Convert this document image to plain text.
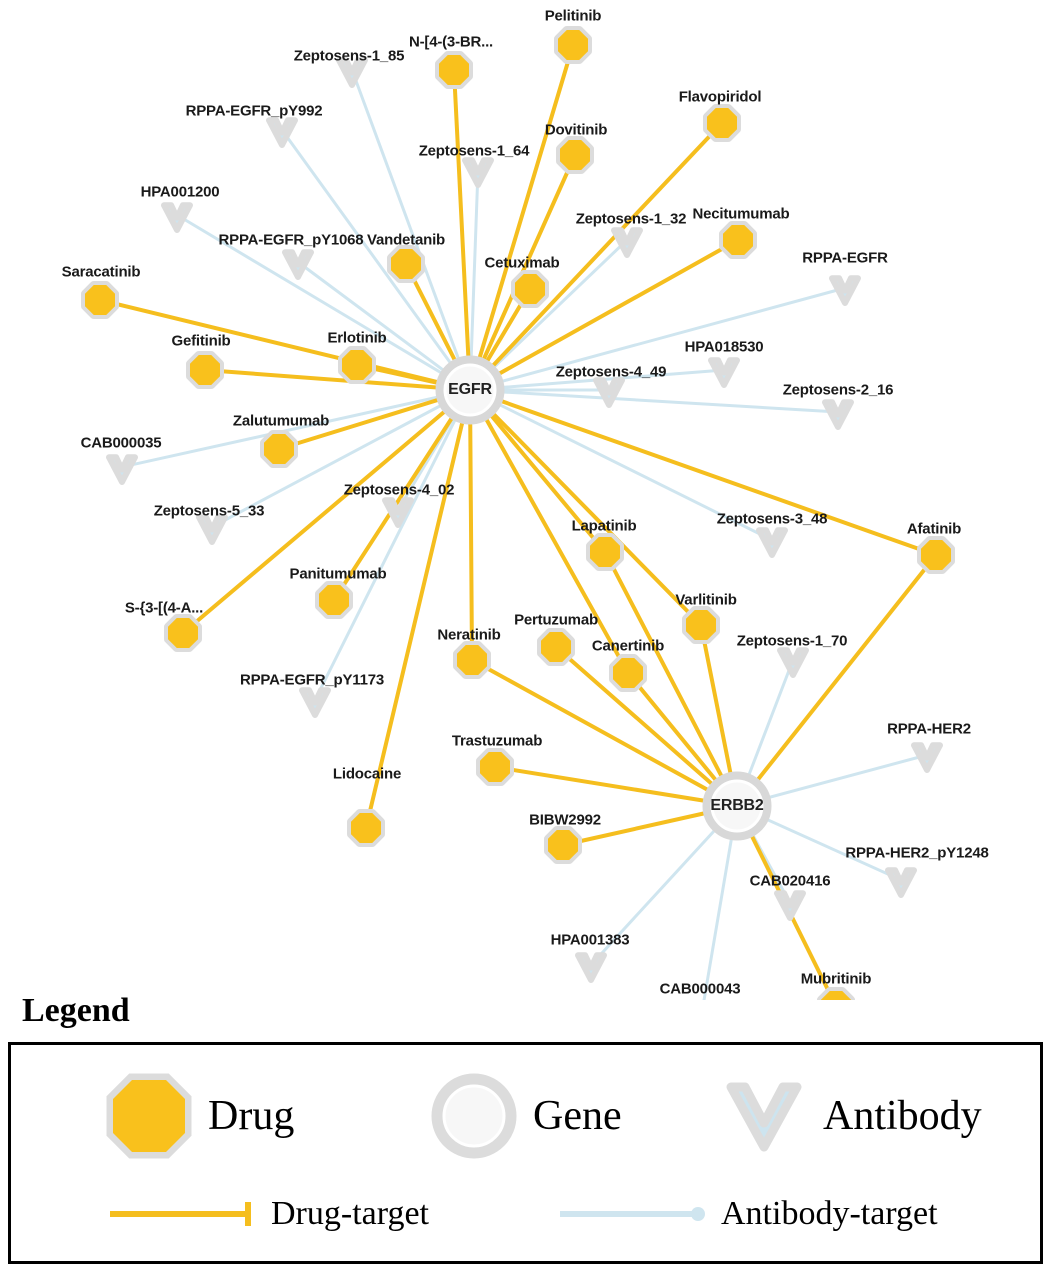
Zeptosens-1_85
RPPA-EGFR_pY992
Zeptosens-1_64
HPA001200
RPPA-EGFR_pY1068
Zeptosens-1_32
RPPA-EGFR
HPA018530
Zeptosens-4_49
Zeptosens-2_16
CAB000035
Zeptosens-4_02
Zeptosens-5_33
RPPA-EGFR_pY1173
Zeptosens-3_48
Zeptosens-1_70
RPPA-HER2
RPPA-HER2_pY1248
CAB020416
CAB000043
HPA001383
Pelitinib
N-[4-(3-BR...
Dovitinib
Flavopiridol
Necitumumab
Cetuximab
Vandetanib
Saracatinib
Gefitinib	Erlotinib
Zalutumumab
Panitumumab
S-{3-[(4-A...
Lidocaine
Lapatinib
Varlitinib
Afatinib
Neratinib
Pertuzumab
Canertinib
Trastuzumab
BIBW2992
Mubritinib
EGFR
ERBB2
Legend
Drug	Gene	Antibody
Drug-target	Antibody-target
